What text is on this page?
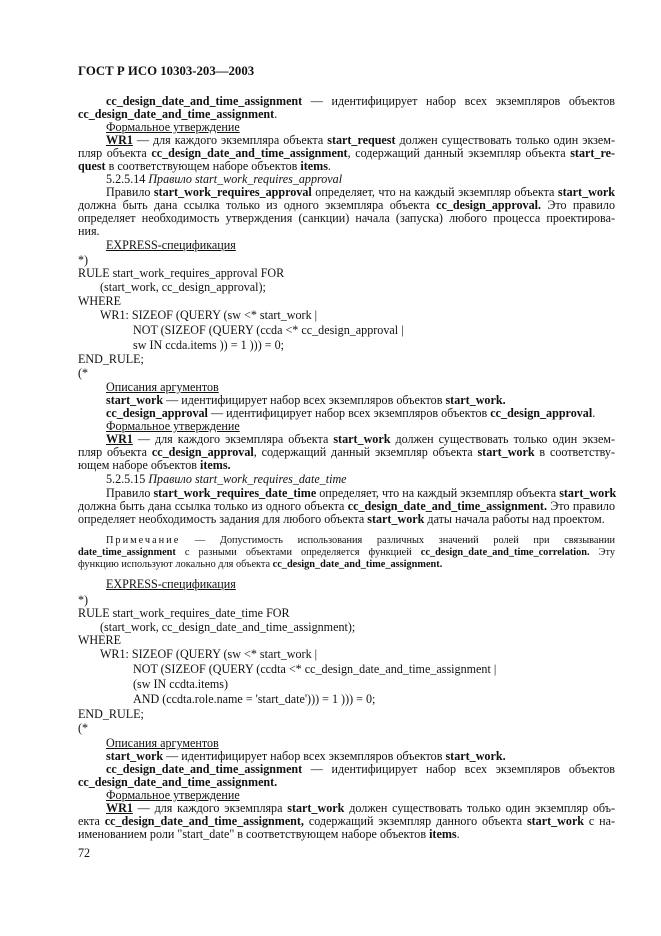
ГОСТ Р ИСО 10303-203—2003
cc_design_date_and_time_assignment — идентифицирует набор всех экземпляров объектов
cc_design_date_and_time_assignment.
Формальное утверждение
WR1 — для каждого экземпляра объекта start_request должен существовать только один экзем-
пляр объекта cc_design_date_and_time_assignment, содержащий данный экземпляр объекта start_re-
quest в соответствующем наборе объектов items.
5.2.5.14 Правило start_work_requires_approval
Правило start_work_requires_approval определяет, что на каждый экземпляр объекта start_work
должна быть дана ссылка только из одного экземпляра объекта cc_design_approval. Это правило
определяет необходимость утверждения (санкции) начала (запуска) любого процесса проектирова-
ния.
EXPRESS-спецификация
*)
RULE start_work_requires_approval FOR
(start_work, cc_design_approval);
WHERE
WR1: SIZEOF (QUERY (sw <* start_work |
NOT (SIZEOF (QUERY (ccda <* cc_design_approval |
sw IN ccda.items )) = 1 ))) = 0;
END_RULE;
(*
Описания аргументов
start_work — идентифицирует набор всех экземпляров объектов start_work.
cc_design_approval — идентифицирует набор всех экземпляров объектов cc_design_approval.
Формальное утверждение
WR1 — для каждого экземпляра объекта start_work должен существовать только один экзем-
пляр объекта cc_design_approval, содержащий данный экземпляр объекта start_work в соответству-
ющем наборе объектов items.
5.2.5.15 Правило start_work_requires_date_time
Правило start_work_requires_date_time определяет, что на каждый экземпляр объекта start_work
должна быть дана ссылка только из одного объекта cc_design_date_and_time_assignment. Это правило
определяет необходимость задания для любого объекта start_work даты начала работы над проектом.
Примечание — Допустимость использования различных значений ролей при связывании
date_time_assignment с разными объектами определяется функцией cc_design_date_and_time_correlation. Эту
функцию используют локально для объекта cc_design_date_and_time_assignment.
EXPRESS-спецификация
*)
RULE start_work_requires_date_time FOR
(start_work, cc_design_date_and_time_assignment);
WHERE
WR1: SIZEOF (QUERY (sw <* start_work |
NOT (SIZEOF (QUERY (ccdta <* cc_design_date_and_time_assignment |
(sw IN ccdta.items)
AND (ccdta.role.name = 'start_date'))) = 1 ))) = 0;
END_RULE;
(*
Описания аргументов
start_work — идентифицирует набор всех экземпляров объектов start_work.
cc_design_date_and_time_assignment — идентифицирует набор всех экземпляров объектов
cc_design_date_and_time_assignment.
Формальное утверждение
WR1 — для каждого экземпляра start_work должен существовать только один экземпляр объ-
екта cc_design_date_and_time_assignment, содержащий экземпляр данного объекта start_work с на-
именованием роли "start_date" в соответствующем наборе объектов items.
72
